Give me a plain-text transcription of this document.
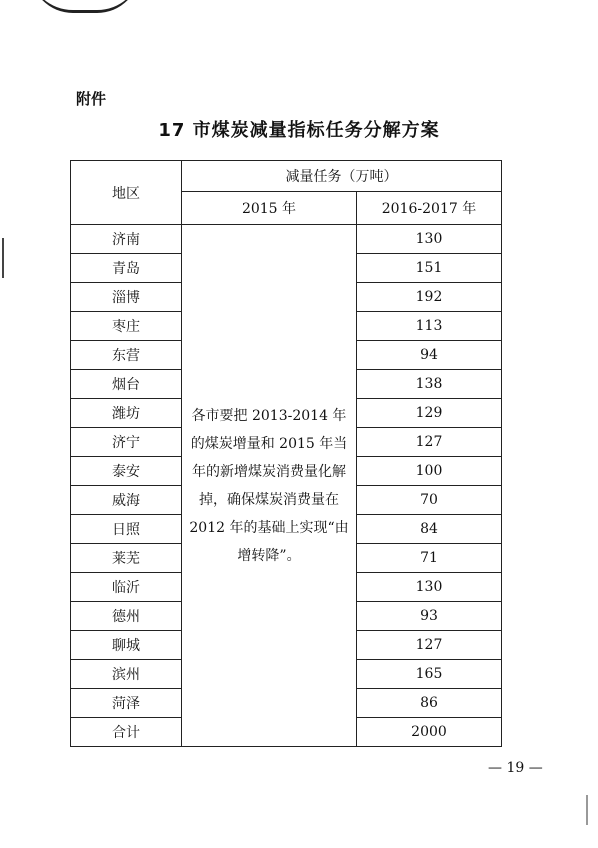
附件
17 市煤炭减量指标任务分解方案
地区	减量任务（万吨）	
	2015 年	2016-2017 年
济南	各市要把 2013-2014 年的煤炭增量和 2015 年当年的新增煤炭消费量化解掉，确保煤炭消费量在 2012 年的基础上实现“由增转降”。	130
青岛		151
淄博		192
枣庄		113
东营		94
烟台		138
潍坊		129
济宁		127
泰安		100
威海		70
日照		84
莱芜		71
临沂		130
德州		93
聊城		127
滨州		165
菏泽		86
合计		2000
— 19 —
